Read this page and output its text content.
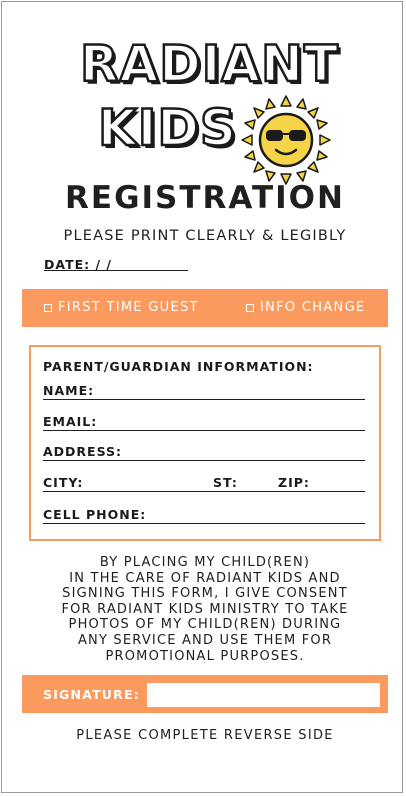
RADIANT
KIDS
REGISTRATION
PLEASE PRINT CLEARLY & LEGIBLY
DATE: / /
FIRST TIME GUEST	INFO CHANGE
PARENT/GUARDIAN INFORMATION:
NAME:
EMAIL:
ADDRESS:
CITY:	ST:	ZIP:
CELL PHONE:
BY PLACING MY CHILD(REN)
IN THE CARE OF RADIANT KIDS AND
SIGNING THIS FORM, I GIVE CONSENT
FOR RADIANT KIDS MINISTRY TO TAKE
PHOTOS OF MY CHILD(REN) DURING
ANY SERVICE AND USE THEM FOR
PROMOTIONAL PURPOSES.
SIGNATURE:
PLEASE COMPLETE REVERSE SIDE
